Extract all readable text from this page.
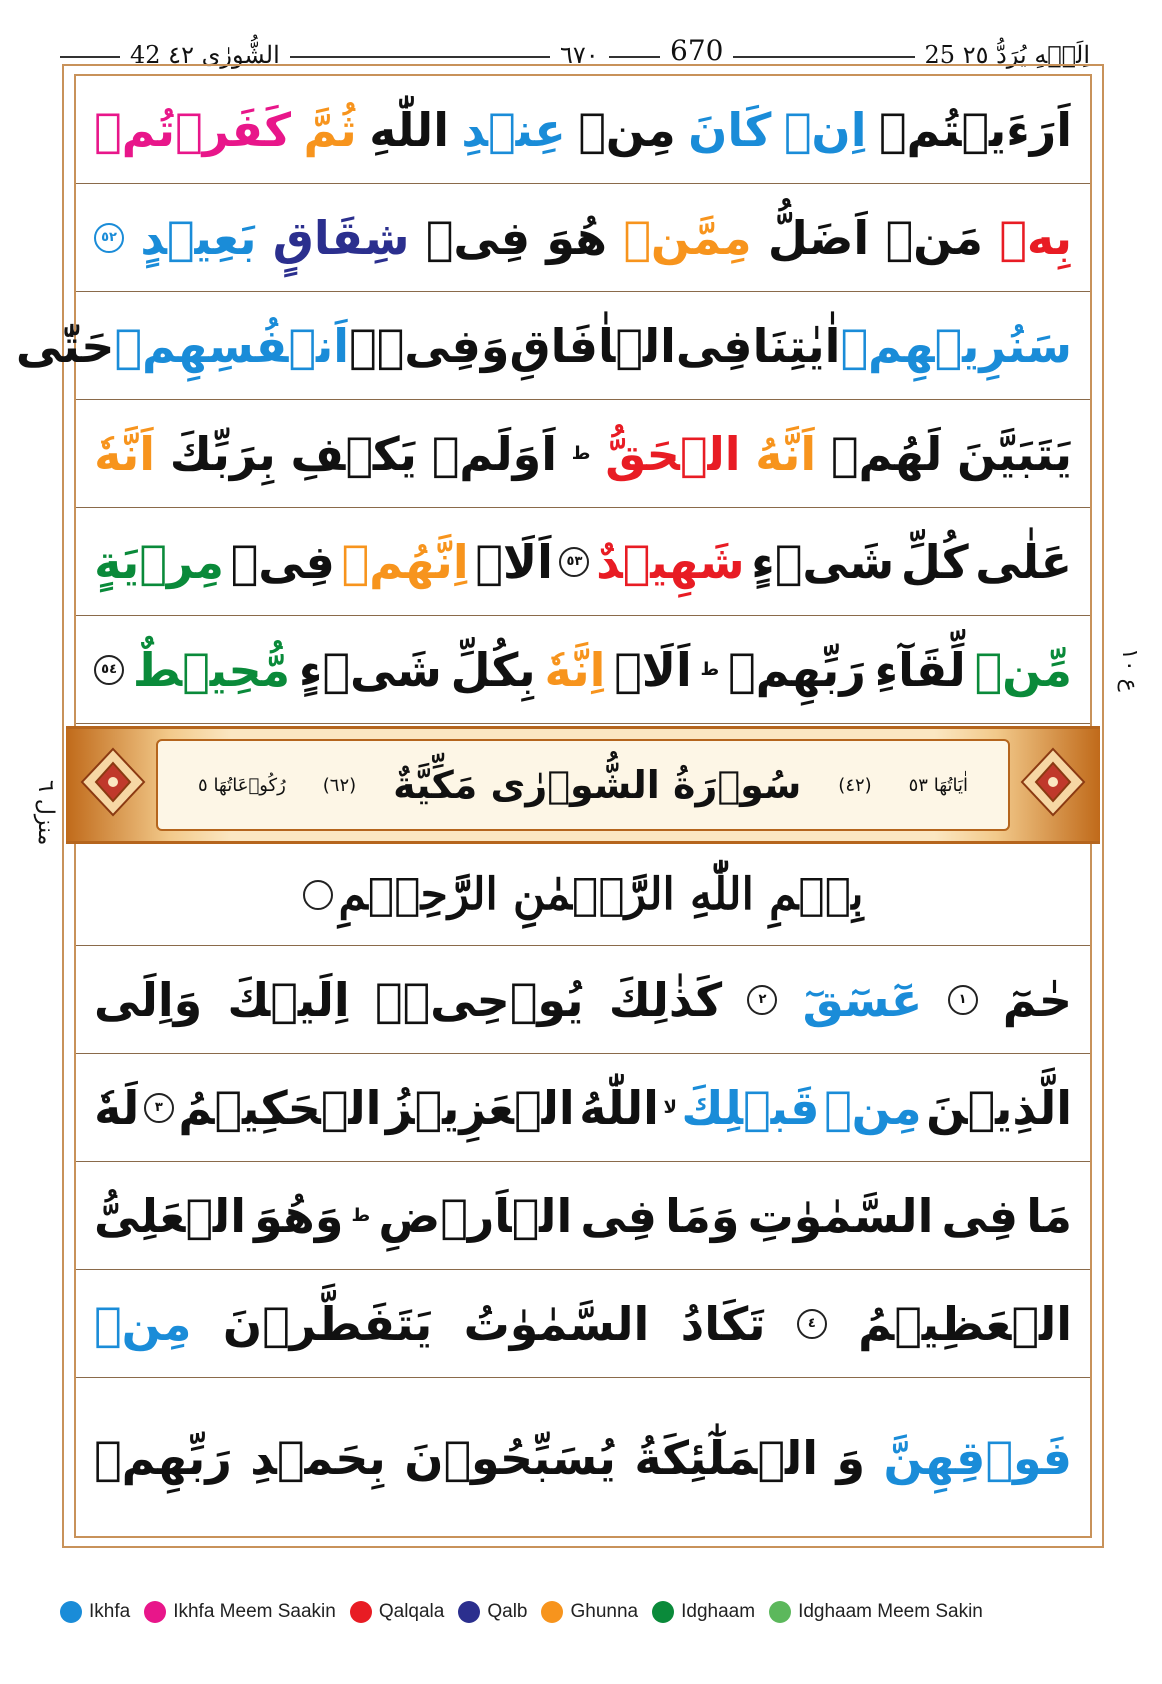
25 اِلَيۡهِ يُرَدُّ ٢٥
670
٦٧٠
42 الشُّورٰى ٤٢
منزل ٦
ع ١٠
اَرَءَيۡتُمۡ
اِنۡ
كَانَ
مِنۡ
عِنۡدِ
اللّٰهِ
ثُمَّ
كَفَرۡتُمۡ
بِهٖ
مَنۡ
اَضَلُّ
مِمَّنۡ
هُوَ
فِىۡ
شِقَاقٍ
بَعِيۡدٍ
٥٢
سَنُرِيۡهِمۡ
اٰيٰتِنَا
فِى
الۡاٰفَاقِ
وَفِىۡۤ
اَنۡفُسِهِمۡ
حَتّٰى
يَتَبَيَّنَ
لَهُمۡ
اَنَّهُ
الۡحَقُّ
ط
اَوَلَمۡ
يَكۡفِ
بِرَبِّكَ
اَنَّهٗ
عَلٰى
كُلِّ
شَىۡءٍ
شَهِيۡدٌ
٥٣
اَلَاۤ
اِنَّهُمۡ
فِىۡ
مِرۡيَةٍ
مِّنۡ
لِّقَآءِ
رَبِّهِمۡ
ط
اَلَاۤ
اِنَّهٗ
بِكُلِّ
شَىۡءٍ
مُّحِيۡطٌ
٥٤
اٰيَاتُهَا ٥٣
(٤٢)
سُوۡرَةُ الشُّوۡرٰى مَكِّيَّةٌ
(٦٢)
رُكُوۡعَاتُهَا ٥
بِسۡمِ اللّٰهِ الرَّحۡمٰنِ الرَّحِيۡمِ
حٰمٓ
١
عٓسٓقٓ
٢
كَذٰلِكَ
يُوۡحِىۡۤ
اِلَيۡكَ
وَاِلَى
الَّذِيۡنَ
مِنۡ
قَبۡلِكَ
لا
اللّٰهُ
الۡعَزِيۡزُ
الۡحَكِيۡمُ
٣
لَهٗ
مَا
فِى
السَّمٰوٰتِ
وَمَا
فِى
الۡاَرۡضِ
ط
وَهُوَ
الۡعَلِىُّ
الۡعَظِيۡمُ
٤
تَكَادُ
السَّمٰوٰتُ
يَتَفَطَّرۡنَ
مِنۡ
فَوۡقِهِنَّ
وَ
الۡمَلٰٓئِكَةُ
يُسَبِّحُوۡنَ
بِحَمۡدِ
رَبِّهِمۡ
Ikhfa Ikhfa Meem Saakin Qalqala Qalb Ghunna Idghaam Idghaam Meem Sakin
